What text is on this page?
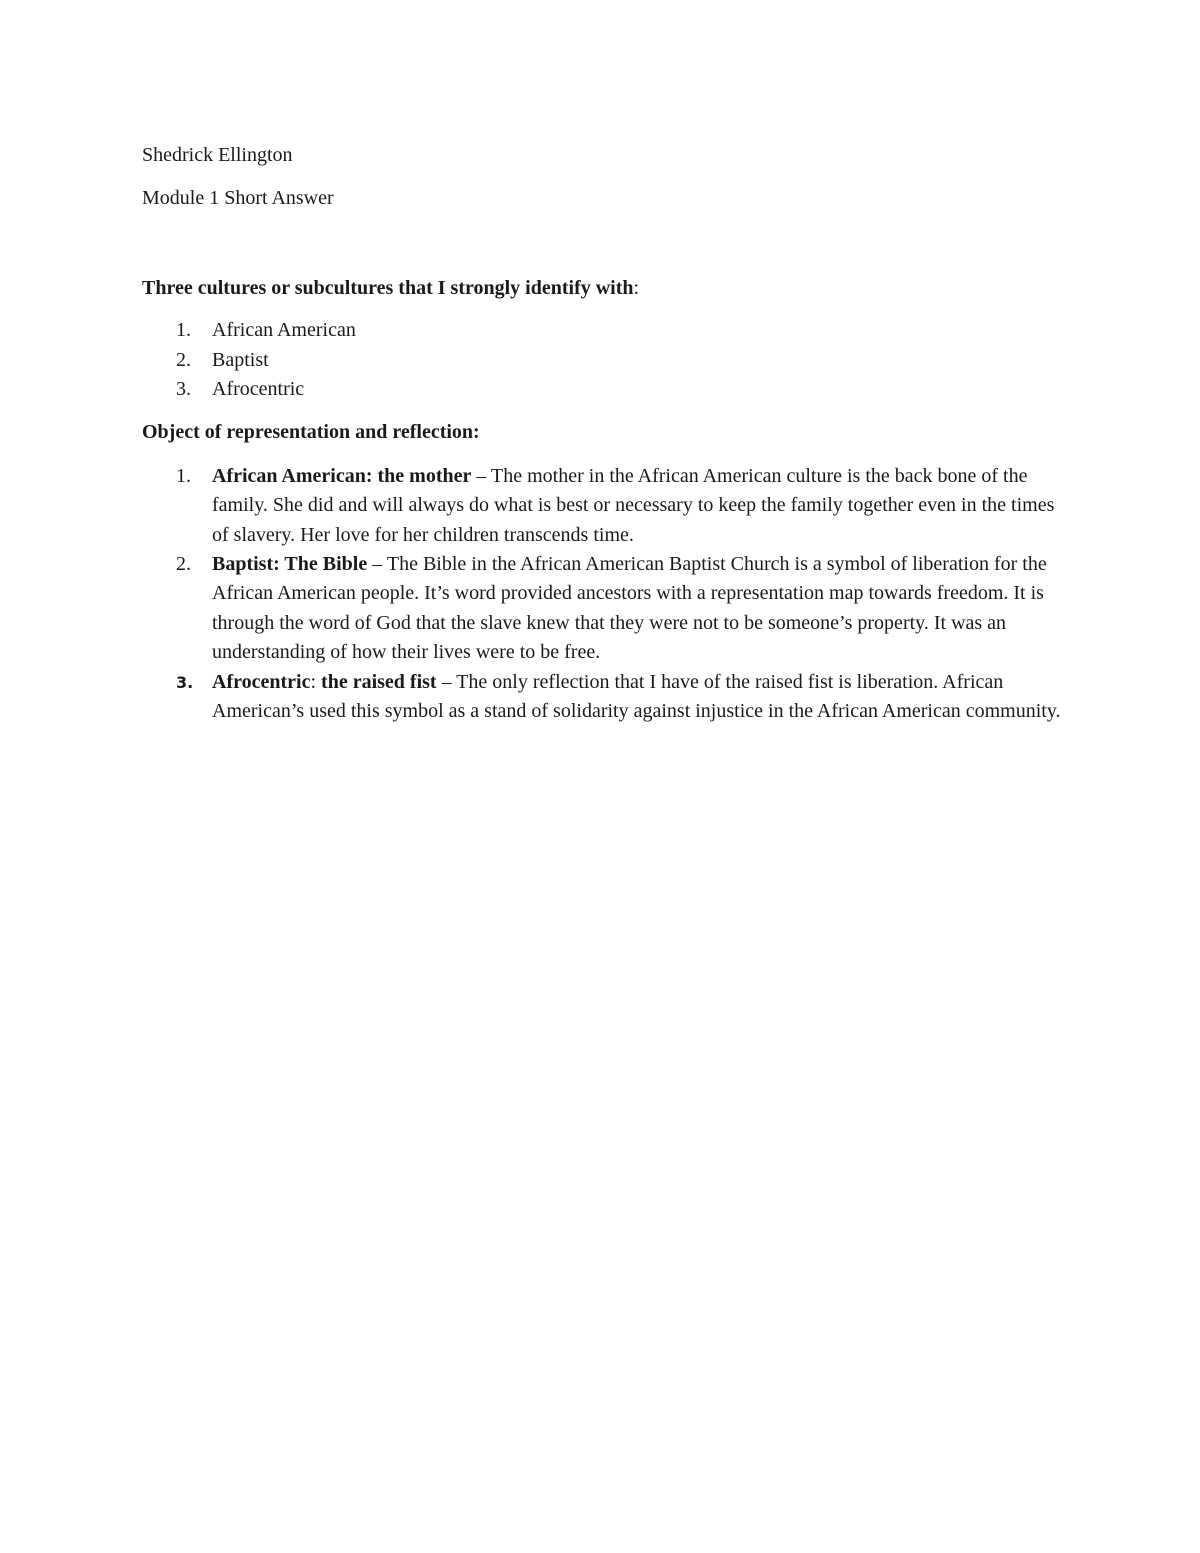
Shedrick Ellington

Module 1 Short Answer

Three cultures or subcultures that I strongly identify with:

1. African American
2. Baptist
3. Afrocentric

Object of representation and reflection:

1. African American: the mother – The mother in the African American culture is the back bone of the family. She did and will always do what is best or necessary to keep the family together even in the times of slavery. Her love for her children transcends time.
2. Baptist: The Bible – The Bible in the African American Baptist Church is a symbol of liberation for the African American people. It’s word provided ancestors with a representation map towards freedom. It is through the word of God that the slave knew that they were not to be someone’s property. It was an understanding of how their lives were to be free.
3. Afrocentric: the raised fist – The only reflection that I have of the raised fist is liberation. African American’s used this symbol as a stand of solidarity against injustice in the African American community.
